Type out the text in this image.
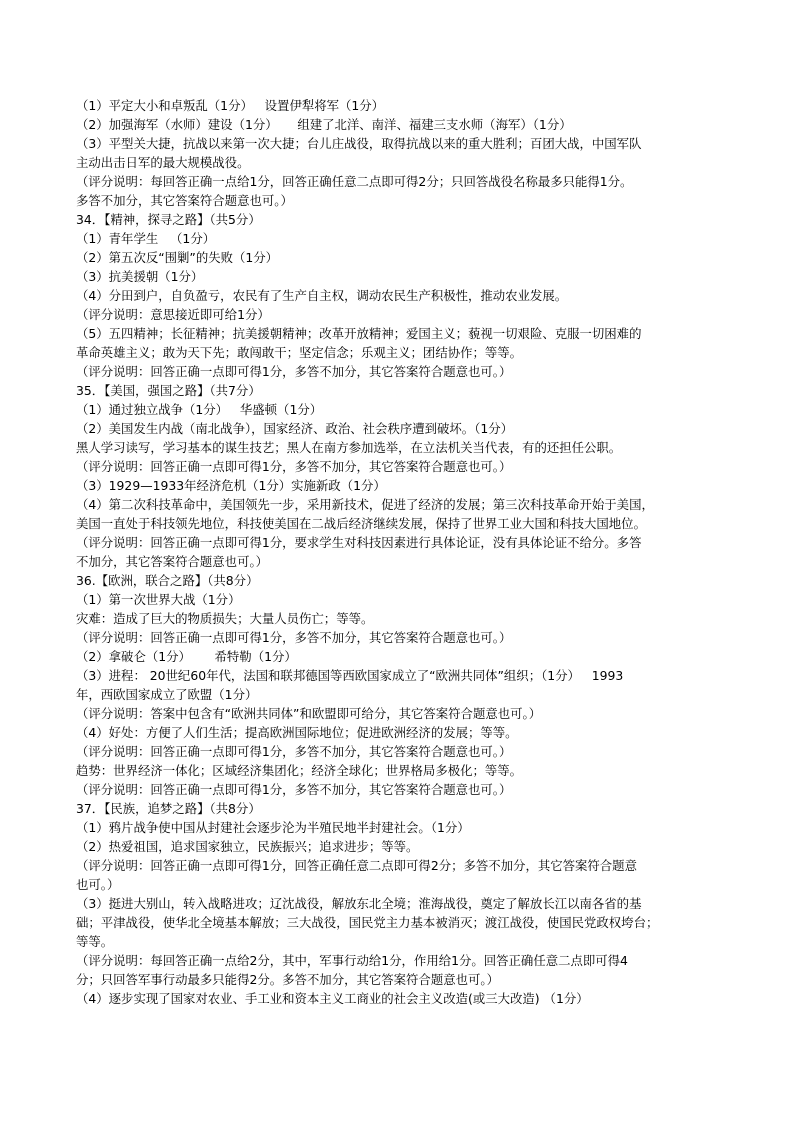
（1）平定大小和卓叛乱（1分）   设置伊犁将军（1分）
（2）加强海军（水师）建设（1分）     组建了北洋、南洋、福建三支水师（海军）（1分）
（3）平型关大捷，抗战以来第一次大捷；台儿庄战役，取得抗战以来的重大胜利；百团大战，中国军队
主动出击日军的最大规模战役。
（评分说明：每回答正确一点给1分，回答正确任意二点即可得2分；只回答战役名称最多只能得1分。
多答不加分，其它答案符合题意也可。）
34．【精神，探寻之路】（共5分）
（1）青年学生   （1分）
（2）第五次反“围剿”的失败（1分）
（3）抗美援朝（1分）
（4）分田到户，自负盈亏，农民有了生产自主权，调动农民生产积极性，推动农业发展。
（评分说明：意思接近即可给1分）
（5）五四精神；长征精神；抗美援朝精神；改革开放精神；爱国主义；藐视一切艰险、克服一切困难的
革命英雄主义；敢为天下先；敢闯敢干；坚定信念；乐观主义；团结协作；等等。
（评分说明：回答正确一点即可得1分，多答不加分，其它答案符合题意也可。）
35．【美国，强国之路】（共7分）
（1）通过独立战争（1分）   华盛顿（1分）
（2）美国发生内战（南北战争），国家经济、政治、社会秩序遭到破坏。（1分）
黑人学习读写，学习基本的谋生技艺；黑人在南方参加选举，在立法机关当代表，有的还担任公职。
（评分说明：回答正确一点即可得1分，多答不加分，其它答案符合题意也可。）
（3）1929—1933年经济危机（1分）实施新政（1分）
（4）第二次科技革命中，美国领先一步，采用新技术，促进了经济的发展；第三次科技革命开始于美国，
美国一直处于科技领先地位，科技使美国在二战后经济继续发展，保持了世界工业大国和科技大国地位。
（评分说明：回答正确一点即可得1分，要求学生对科技因素进行具体论证，没有具体论证不给分。多答
不加分，其它答案符合题意也可。）
36.【欧洲，联合之路】（共8分）
（1）第一次世界大战（1分）
灾难：造成了巨大的物质损失；大量人员伤亡；等等。
（评分说明：回答正确一点即可得1分，多答不加分，其它答案符合题意也可。）
（2）拿破仑（1分）      希特勒（1分）
（3）进程： 20世纪60年代，法国和联邦德国等西欧国家成立了“欧洲共同体”组织；（1分）   1993
年，西欧国家成立了欧盟（1分）
（评分说明：答案中包含有“欧洲共同体”和欧盟即可给分，其它答案符合题意也可。）
（4）好处：方便了人们生活；提高欧洲国际地位；促进欧洲经济的发展；等等。
（评分说明：回答正确一点即可得1分，多答不加分，其它答案符合题意也可。）
趋势：世界经济一体化；区域经济集团化；经济全球化；世界格局多极化；等等。
（评分说明：回答正确一点即可得1分，多答不加分，其它答案符合题意也可。）
37．【民族，追梦之路】（共8分）
（1）鸦片战争使中国从封建社会逐步沦为半殖民地半封建社会。（1分）
（2）热爱祖国，追求国家独立，民族振兴；追求进步；等等。
（评分说明：回答正确一点即可得1分，回答正确任意二点即可得2分；多答不加分，其它答案符合题意
也可。）
（3）挺进大别山，转入战略进攻；辽沈战役，解放东北全境；淮海战役，奠定了解放长江以南各省的基
础；平津战役，使华北全境基本解放；三大战役，国民党主力基本被消灭；渡江战役，使国民党政权垮台；
等等。
（评分说明：每回答正确一点给2分，其中，军事行动给1分，作用给1分。回答正确任意二点即可得4
分；只回答军事行动最多只能得2分。多答不加分，其它答案符合题意也可。）
（4）逐步实现了国家对农业、手工业和资本主义工商业的社会主义改造(或三大改造) （1分）
